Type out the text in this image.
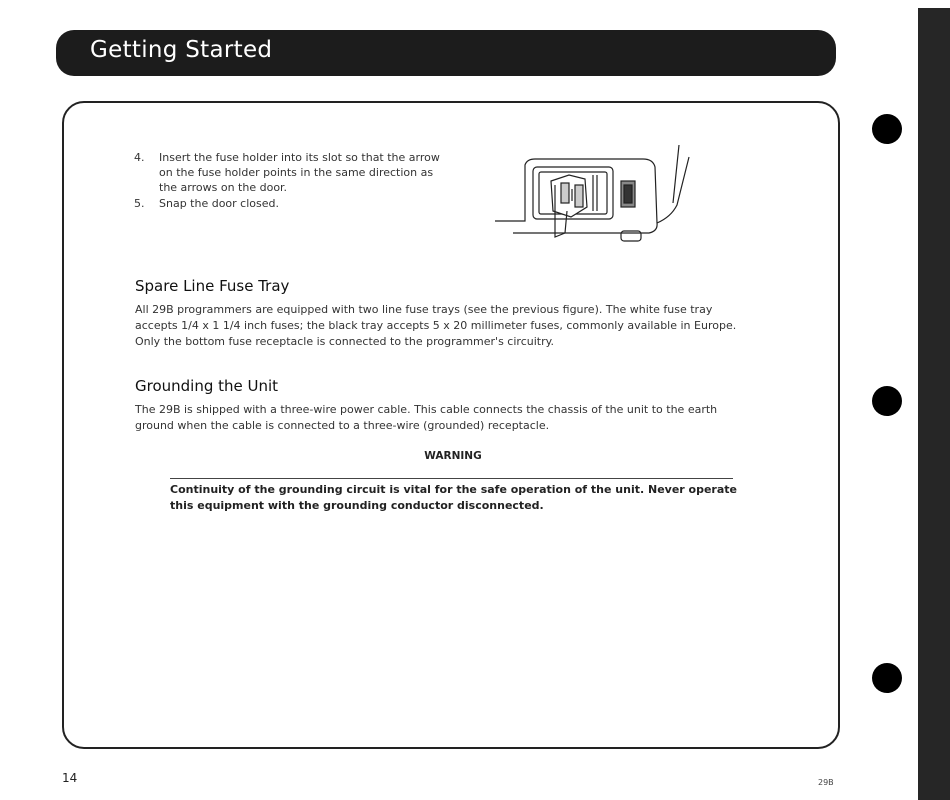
Getting Started
4.	Insert the fuse holder into its slot so that the arrow on the fuse holder points in the same direction as the arrows on the door.
5.	Snap the door closed.
Spare Line Fuse Tray

All 29B programmers are equipped with two line fuse trays (see the previous figure). The white fuse tray accepts 1/4 x 1 1/4 inch fuses; the black tray accepts 5 x 20 millimeter fuses, commonly available in Europe. Only the bottom fuse receptacle is connected to the programmer's circuitry.

Grounding the Unit

The 29B is shipped with a three-wire power cable. This cable connects the chassis of the unit to the earth ground when the cable is connected to a three-wire (grounded) receptacle.

WARNING

Continuity of the grounding circuit is vital for the safe operation of the unit. Never operate this equipment with the grounding conductor disconnected.

14	29B
